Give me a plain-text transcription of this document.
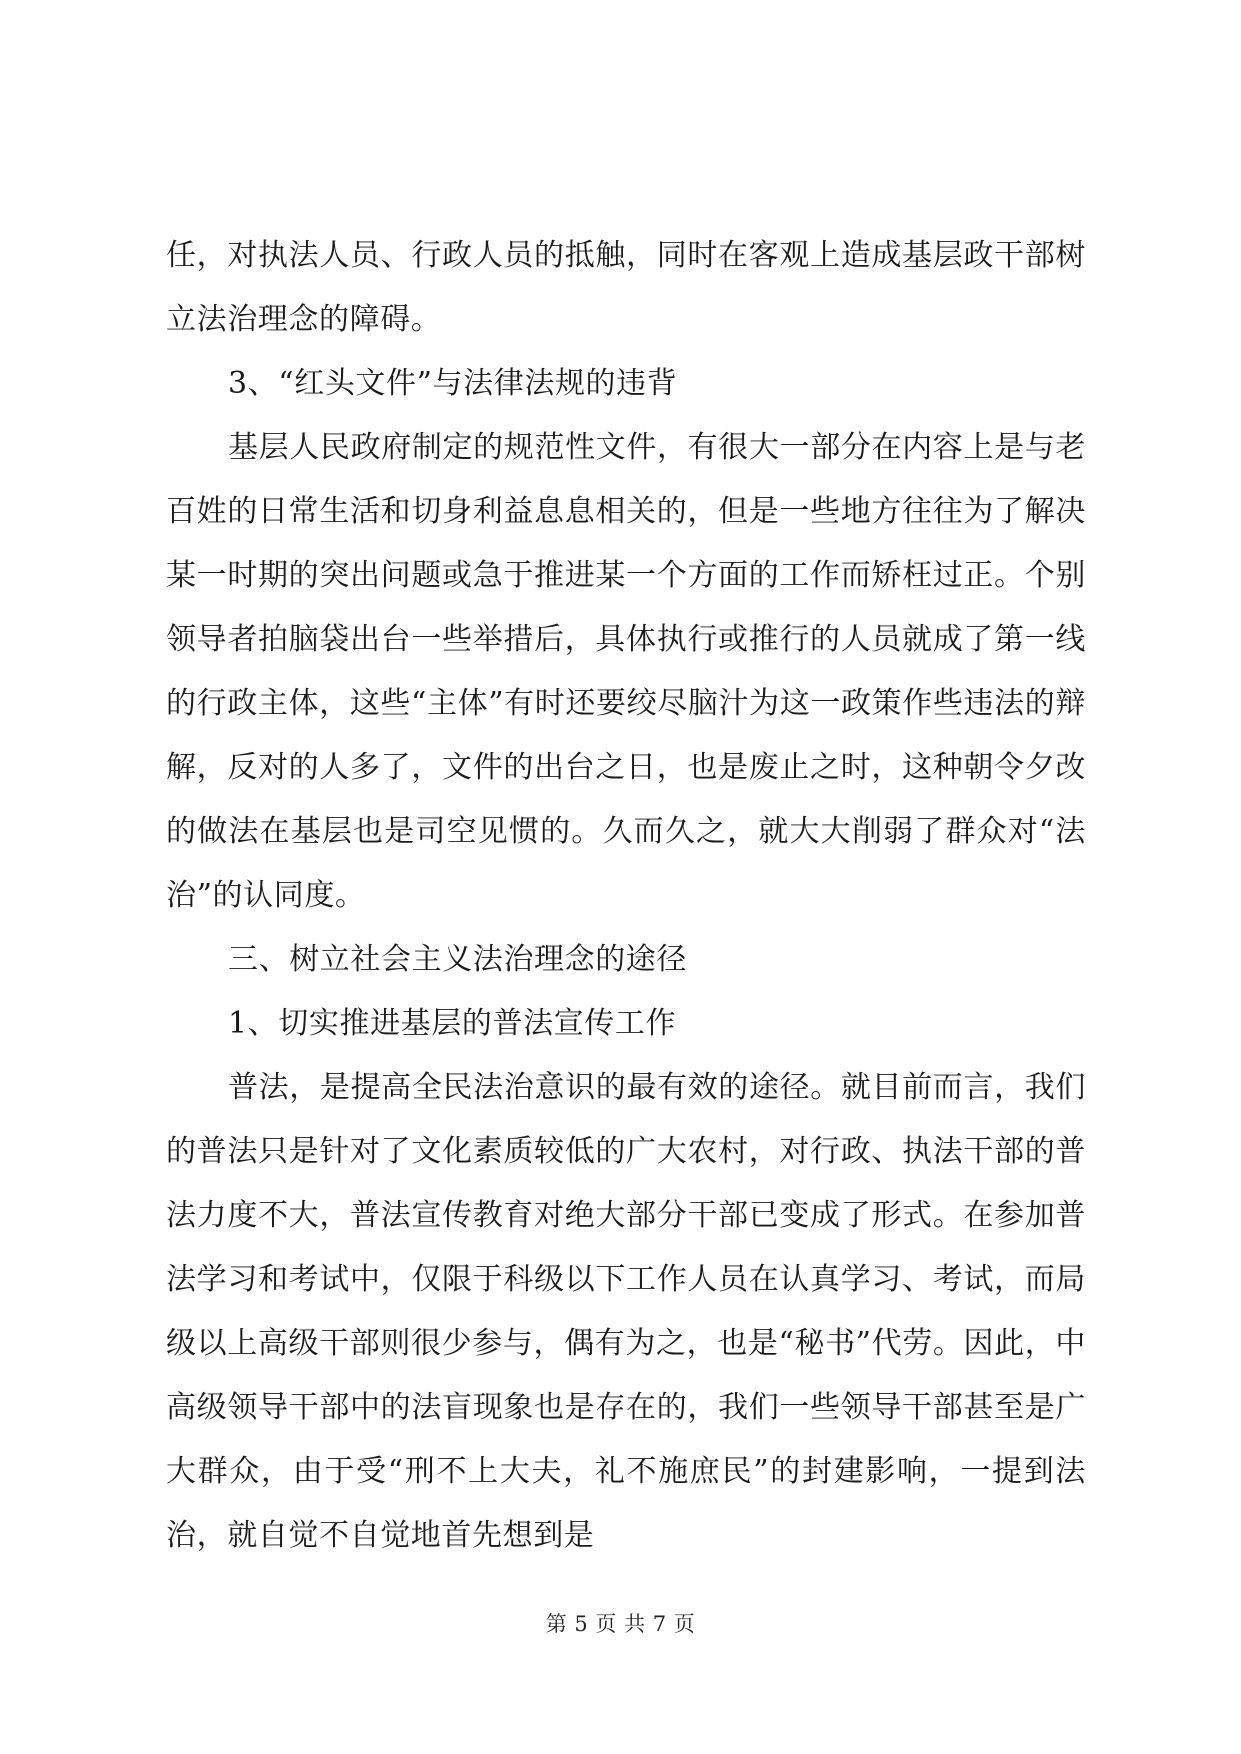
任，对执法人员、行政人员的抵触，同时在客观上造成基层政干部树立法治理念的障碍。

3、“红头文件”与法律法规的违背

基层人民政府制定的规范性文件，有很大一部分在内容上是与老百姓的日常生活和切身利益息息相关的，但是一些地方往往为了解决某一时期的突出问题或急于推进某一个方面的工作而矫枉过正。个别领导者拍脑袋出台一些举措后，具体执行或推行的人员就成了第一线的行政主体，这些“主体”有时还要绞尽脑汁为这一政策作些违法的辩解，反对的人多了，文件的出台之日，也是废止之时，这种朝令夕改的做法在基层也是司空见惯的。久而久之，就大大削弱了群众对“法治”的认同度。

三、树立社会主义法治理念的途径

1、切实推进基层的普法宣传工作

普法，是提高全民法治意识的最有效的途径。就目前而言，我们的普法只是针对了文化素质较低的广大农村，对行政、执法干部的普法力度不大，普法宣传教育对绝大部分干部已变成了形式。在参加普法学习和考试中，仅限于科级以下工作人员在认真学习、考试，而局级以上高级干部则很少参与，偶有为之，也是“秘书”代劳。因此，中高级领导干部中的法盲现象也是存在的，我们一些领导干部甚至是广大群众，由于受“刑不上大夫，礼不施庶民”的封建影响，一提到法治，就自觉不自觉地首先想到是

第 5 页 共 7 页
